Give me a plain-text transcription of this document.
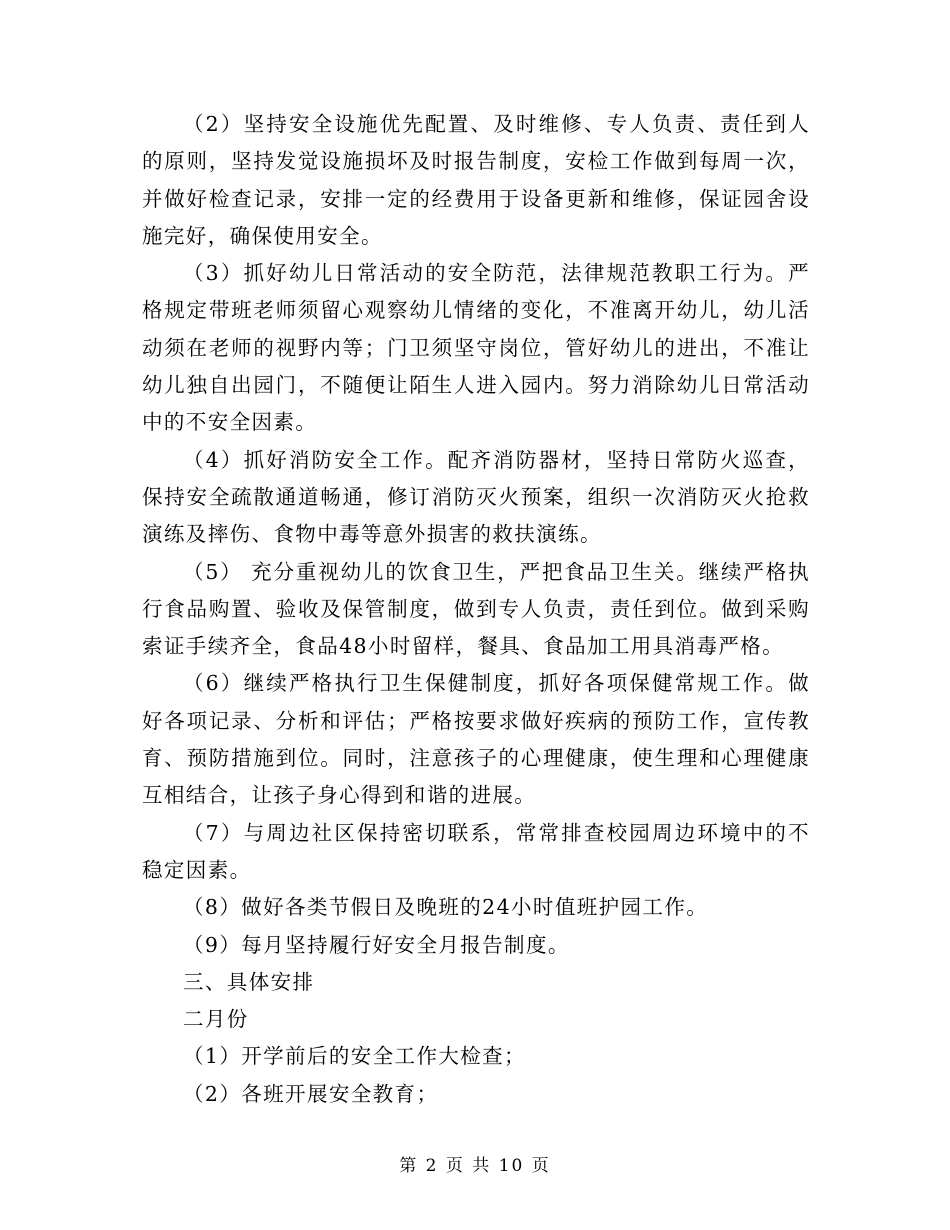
（2）坚持安全设施优先配置、及时维修、专人负责、责任到人的原则，坚持发觉设施损坏及时报告制度，安检工作做到每周一次，并做好检查记录，安排一定的经费用于设备更新和维修，保证园舍设施完好，确保使用安全。

（3）抓好幼儿日常活动的安全防范，法律规范教职工行为。严格规定带班老师须留心观察幼儿情绪的变化，不准离开幼儿，幼儿活动须在老师的视野内等；门卫须坚守岗位，管好幼儿的进出，不准让幼儿独自出园门，不随便让陌生人进入园内。努力消除幼儿日常活动中的不安全因素。

（4）抓好消防安全工作。配齐消防器材，坚持日常防火巡查，保持安全疏散通道畅通，修订消防灭火预案，组织一次消防灭火抢救演练及摔伤、食物中毒等意外损害的救扶演练。

（5） 充分重视幼儿的饮食卫生，严把食品卫生关。继续严格执行食品购置、验收及保管制度，做到专人负责，责任到位。做到采购索证手续齐全，食品48小时留样，餐具、食品加工用具消毒严格。

（6）继续严格执行卫生保健制度，抓好各项保健常规工作。做好各项记录、分析和评估；严格按要求做好疾病的预防工作，宣传教育、预防措施到位。同时，注意孩子的心理健康，使生理和心理健康互相结合，让孩子身心得到和谐的进展。

（7）与周边社区保持密切联系，常常排查校园周边环境中的不稳定因素。

（8）做好各类节假日及晚班的24小时值班护园工作。

（9）每月坚持履行好安全月报告制度。

三、具体安排

二月份

（1）开学前后的安全工作大检查；

（2）各班开展安全教育；

第 2 页 共 10 页
